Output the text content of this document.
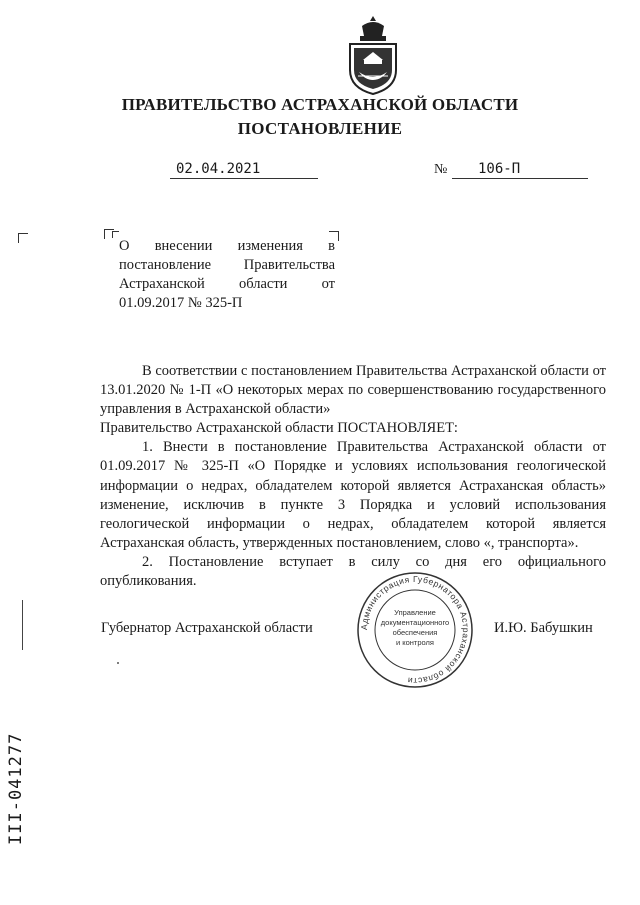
ПРАВИТЕЛЬСТВО АСТРАХАНСКОЙ ОБЛАСТИ
ПОСТАНОВЛЕНИЕ
02.04.2021	№	106-П
О внесении изменения в постановление Правительства Астраханской области от 01.09.2017 № 325-П

В соответствии с постановлением Правительства Астраханской области от 13.01.2020 № 1-П «О некоторых мерах по совершенствованию государственного управления в Астраханской области»

Правительство Астраханской области ПОСТАНОВЛЯЕТ:

1. Внести в постановление Правительства Астраханской области от 01.09.2017 № 325-П «О Порядке и условиях использования геологической информации о недрах, обладателем которой является Астраханская область» изменение, исключив в пункте 3 Порядка и условий использования геологической информации о недрах, обладателем которой является Астраханская область, утвержденных постановлением, слово «, транспорта».

2. Постановление вступает в силу со дня его официального опубликования.

Губернатор Астраханской области	И.Ю. Бабушкин
Администрация Губернатора Астраханской области
Управление
документационного
обеспечения
и контроля
III-041277
